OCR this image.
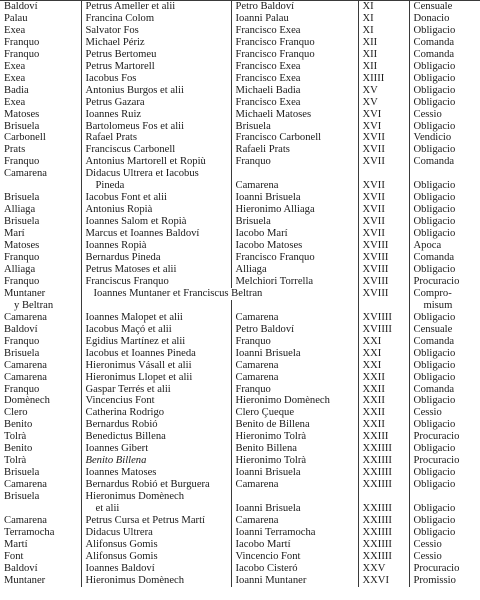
Baldoví	Petrus Ameller et alii	Petro Baldoví	XI	Censuale
Palau	Francina Colom	Ioanni Palau	XI	Donacio
Exea	Salvator Fos	Francisco Exea	XI	Obligacio
Franquo	Michael Périz	Francisco Franquo	XII	Comanda
Franquo	Petrus Bertomeu	Francisco Franquo	XII	Comanda
Exea	Petrus Martorell	Francisco Exea	XII	Obligacio
Exea	Iacobus Fos	Francisco Exea	XIIII	Obligacio
Badia	Antonius Burgos et alii	Michaeli Badia	XV	Obligacio
Exea	Petrus Gazara	Francisco Exea	XV	Obligacio
Matoses	Ioannes Ruiz	Michaeli Matoses	XVI	Cessio
Brisuela	Bartolomeus Fos et alii	Brisuela	XVI	Obligacio
Carbonell	Rafael Prats	Francisco Carbonell	XVII	Vendicio
Prats	Franciscus Carbonell	Rafaeli Prats	XVII	Obligacio
Franquo	Antonius Martorell et Ropiù	Franquo	XVII	Comanda
Camarena	Didacus Ultrera et Iacobus			
	Pineda	Camarena	XVII	Obligacio
Brisuela	Iacobus Font et alii	Ioanni Brisuela	XVII	Obligacio
Alliaga	Antonius Ropià	Hieronimo Alliaga	XVII	Obligacio
Brisuela	Ioannes Salom et Ropià	Brisuela	XVII	Obligacio
Marí	Marcus et Ioannes Baldoví	Iacobo Marí	XVII	Obligacio
Matoses	Ioannes Ropià	Iacobo Matoses	XVIII	Apoca
Franquo	Bernardus Pineda	Francisco Franquo	XVIII	Comanda
Alliaga	Petrus Matoses et alii	Alliaga	XVIII	Obligacio
Franquo	Franciscus Franquo	Melchiori Torrella	XVIII	Procuracio
Muntaner	Ioannes Muntaner et Franciscus Beltran		XVIII	Compro-
y Beltran				misum
Camarena	Ioannes Malopet et alii	Camarena	XVIIII	Obligacio
Baldoví	Iacobus Maçó et alii	Petro Baldoví	XVIIII	Censuale
Franquo	Egidius Martínez et alii	Franquo	XXI	Comanda
Brisuela	Iacobus et Ioannes Pineda	Ioanni Brisuela	XXI	Obligacio
Camarena	Hieronimus Vásall et alii	Camarena	XXI	Obligacio
Camarena	Hieronimus Llopet et alii	Camarena	XXII	Obligacio
Franquo	Gaspar Terrés et alii	Franquo	XXII	Comanda
Domènech	Vincencius Font	Hieronimo Domènech	XXII	Obligacio
Clero	Catherina Rodrigo	Clero Çueque	XXII	Cessio
Benito	Bernardus Robió	Benito de Billena	XXII	Obligacio
Tolrà	Benedictus Billena	Hieronimo Tolrà	XXIII	Procuracio
Benito	Ioannes Gibert	Benito Billena	XXIIII	Obligacio
Tolrà	Benito Billena	Hieronimo Tolrà	XXIIII	Procuracio
Brisuela	Ioannes Matoses	Ioanni Brisuela	XXIIII	Obligacio
Camarena	Bernardus Robió et Burguera	Camarena	XXIIII	Obligacio
Brisuela	Hieronimus Domènech			
	et alii	Ioanni Brisuela	XXIIII	Obligacio
Camarena	Petrus Cursa et Petrus Martí	Camarena	XXIIII	Obligacio
Terramocha	Didacus Ultrera	Ioanni Terramocha	XXIIII	Obligacio
Martí	Alifonsus Gomis	Iacobo Martí	XXIIII	Cessio
Font	Alifonsus Gomis	Vincencio Font	XXIIII	Cessio
Baldoví	Ioannes Baldoví	Iacobo Cisteró	XXV	Procuracio
Muntaner	Hieronimus Domènech	Ioanni Muntaner	XXVI	Promissio
